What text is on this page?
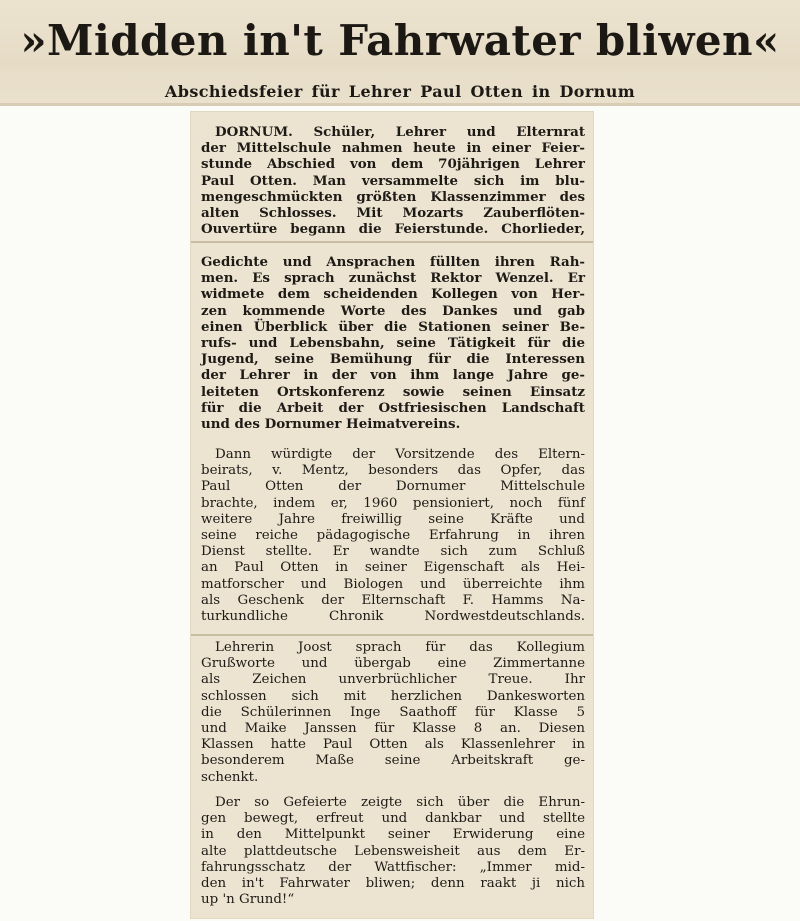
»Midden in't Fahrwater bliwen«
Abschiedsfeier für Lehrer Paul Otten in Dornum
DORNUM. Schüler, Lehrer und Elternrat
der Mittelschule nahmen heute in einer Feier-
stunde Abschied von dem 70jährigen Lehrer
Paul Otten. Man versammelte sich im blu-
mengeschmückten größten Klassenzimmer des
alten Schlosses. Mit Mozarts Zauberflöten-
Ouvertüre begann die Feierstunde. Chorlieder,
Gedichte und Ansprachen füllten ihren Rah-
men. Es sprach zunächst Rektor Wenzel. Er
widmete dem scheidenden Kollegen von Her-
zen kommende Worte des Dankes und gab
einen Überblick über die Stationen seiner Be-
rufs- und Lebensbahn, seine Tätigkeit für die
Jugend, seine Bemühung für die Interessen
der Lehrer in der von ihm lange Jahre ge-
leiteten Ortskonferenz sowie seinen Einsatz
für die Arbeit der Ostfriesischen Landschaft
und des Dornumer Heimatvereins.
Dann würdigte der Vorsitzende des Eltern-
beirats, v. Mentz, besonders das Opfer, das
Paul Otten der Dornumer Mittelschule
brachte, indem er, 1960 pensioniert, noch fünf
weitere Jahre freiwillig seine Kräfte und
seine reiche pädagogische Erfahrung in ihren
Dienst stellte. Er wandte sich zum Schluß
an Paul Otten in seiner Eigenschaft als Hei-
matforscher und Biologen und überreichte ihm
als Geschenk der Elternschaft F. Hamms Na-
turkundliche Chronik Nordwestdeutschlands.
Lehrerin Joost sprach für das Kollegium
Grußworte und übergab eine Zimmertanne
als Zeichen unverbrüchlicher Treue. Ihr
schlossen sich mit herzlichen Dankesworten
die Schülerinnen Inge Saathoff für Klasse 5
und Maike Janssen für Klasse 8 an. Diesen
Klassen hatte Paul Otten als Klassenlehrer in
besonderem Maße seine Arbeitskraft ge-
schenkt.
Der so Gefeierte zeigte sich über die Ehrun-
gen bewegt, erfreut und dankbar und stellte
in den Mittelpunkt seiner Erwiderung eine
alte plattdeutsche Lebensweisheit aus dem Er-
fahrungsschatz der Wattfischer: „Immer mid-
den in't Fahrwater bliwen; denn raakt ji nich
up 'n Grund!“
